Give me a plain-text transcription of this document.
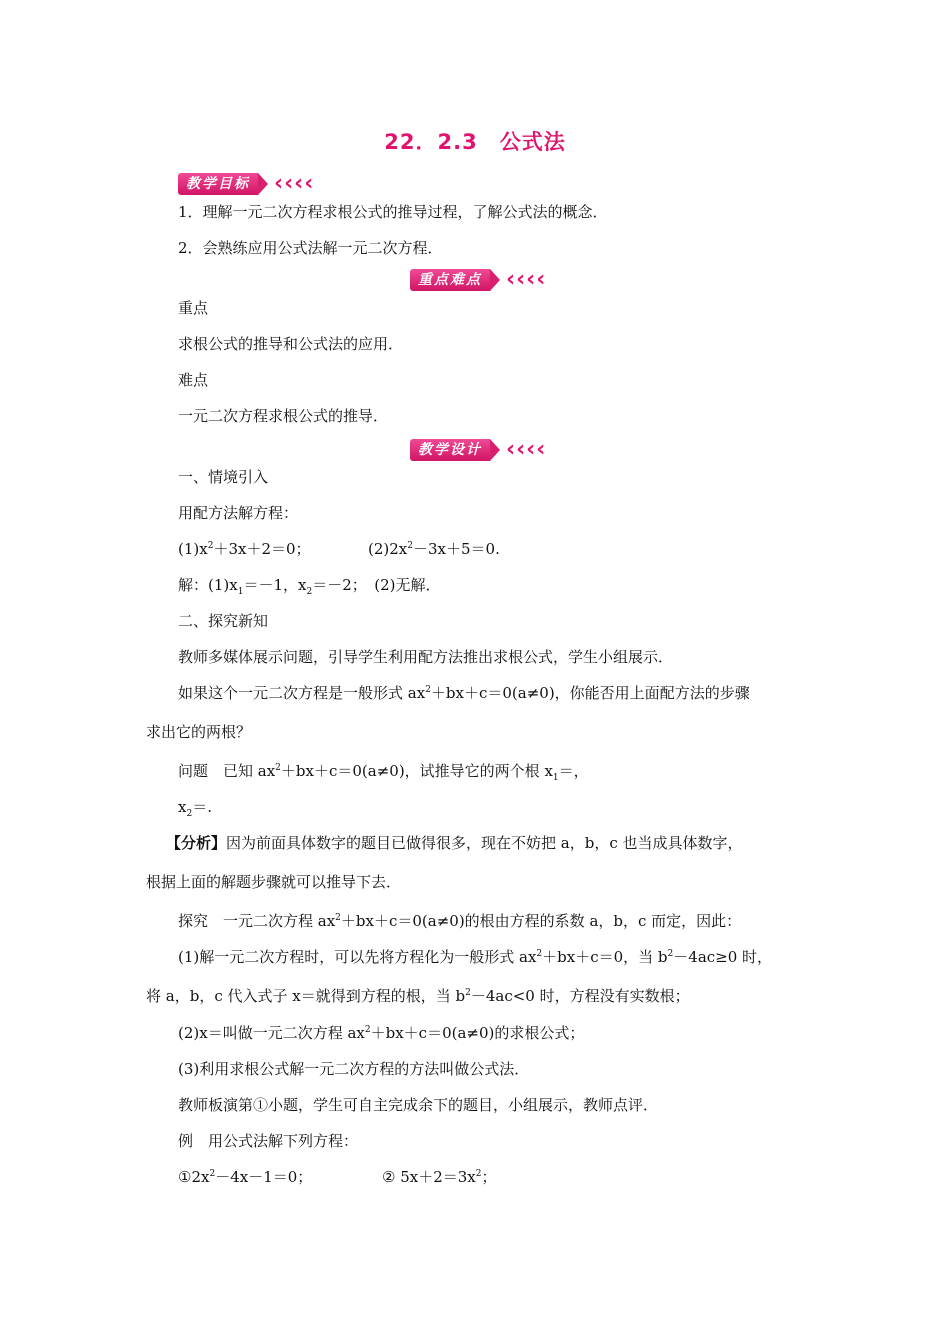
22．2.3　公式法
教学目标	‹ ‹ ‹ ‹
1．理解一元二次方程求根公式的推导过程，了解公式法的概念．
2．会熟练应用公式法解一元二次方程．
重点难点	‹ ‹ ‹ ‹
重点
求根公式的推导和公式法的应用．
难点
一元二次方程求根公式的推导．
教学设计	‹ ‹ ‹ ‹
一、情境引入
用配方法解方程：
$(1)x^2+3x+2=0$；	$(2)2x^2-3x+5=0$.
解：$(1)x_1=-1$，$x_2=-2$；　(2)无解．
二、探究新知
教师多媒体展示问题，引导学生利用配方法推出求根公式，学生小组展示．
如果这个一元二次方程是一般形式 $ax^2+bx+c=0(a\ne 0)$，你能否用上面配方法的步骤
求出它的两根？
问题　已知 $ax^2+bx+c=0(a\ne 0)$，试推导它的两个根 $x_1=$，
$x_2=$.
【分析】因为前面具体数字的题目已做得很多，现在不妨把 a，b，c 也当成具体数字，
根据上面的解题步骤就可以推导下去．
探究　一元二次方程 $ax^2+bx+c=0(a\ne 0)$的根由方程的系数 a，b，c 而定，因此：
(1)解一元二次方程时，可以先将方程化为一般形式 $ax^2+bx+c=0$，当 $b^2-4ac\ge 0$ 时，
将 a，b，c 代入式子 x＝就得到方程的根，当 $b^2-4ac<0$ 时，方程没有实数根；
(2)x＝叫做一元二次方程 $ax^2+bx+c=0(a\ne 0)$的求根公式；
(3)利用求根公式解一元二次方程的方法叫做公式法．
教师板演第①小题，学生可自主完成余下的题目，小组展示，教师点评．
例　用公式法解下列方程：
$①2x^2-4x-1=0$；	② $5x+2=3x^2$；
